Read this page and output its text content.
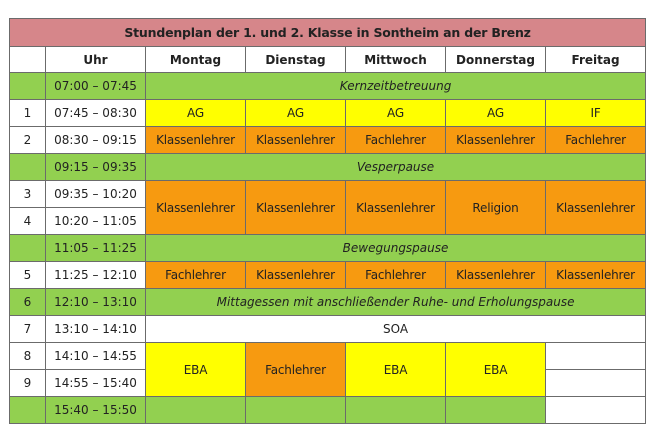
Stundenplan der 1. und 2. Klasse in Sontheim an der Brenz						
	Uhr	Montag	Dienstag	Mittwoch	Donnerstag	Freitag
	07:00 – 07:45	Kernzeitbetreuung				
1	07:45 – 08:30	AG	AG	AG	AG	IF
2	08:30 – 09:15	Klassenlehrer	Klassenlehrer	Fachlehrer	Klassenlehrer	Fachlehrer
	09:15 – 09:35	Vesperpause				
3	09:35 – 10:20	Klassenlehrer	Klassenlehrer	Klassenlehrer	Religion	Klassenlehrer
4	10:20 – 11:05					
	11:05 – 11:25	Bewegungspause				
5	11:25 – 12:10	Fachlehrer	Klassenlehrer	Fachlehrer	Klassenlehrer	Klassenlehrer
6	12:10 – 13:10	Mittagessen mit anschließender Ruhe- und Erholungspause				
7	13:10 – 14:10	SOA				
8	14:10 – 14:55	EBA	Fachlehrer	EBA	EBA	
9	14:55 – 15:40					
	15:40 – 15:50					
